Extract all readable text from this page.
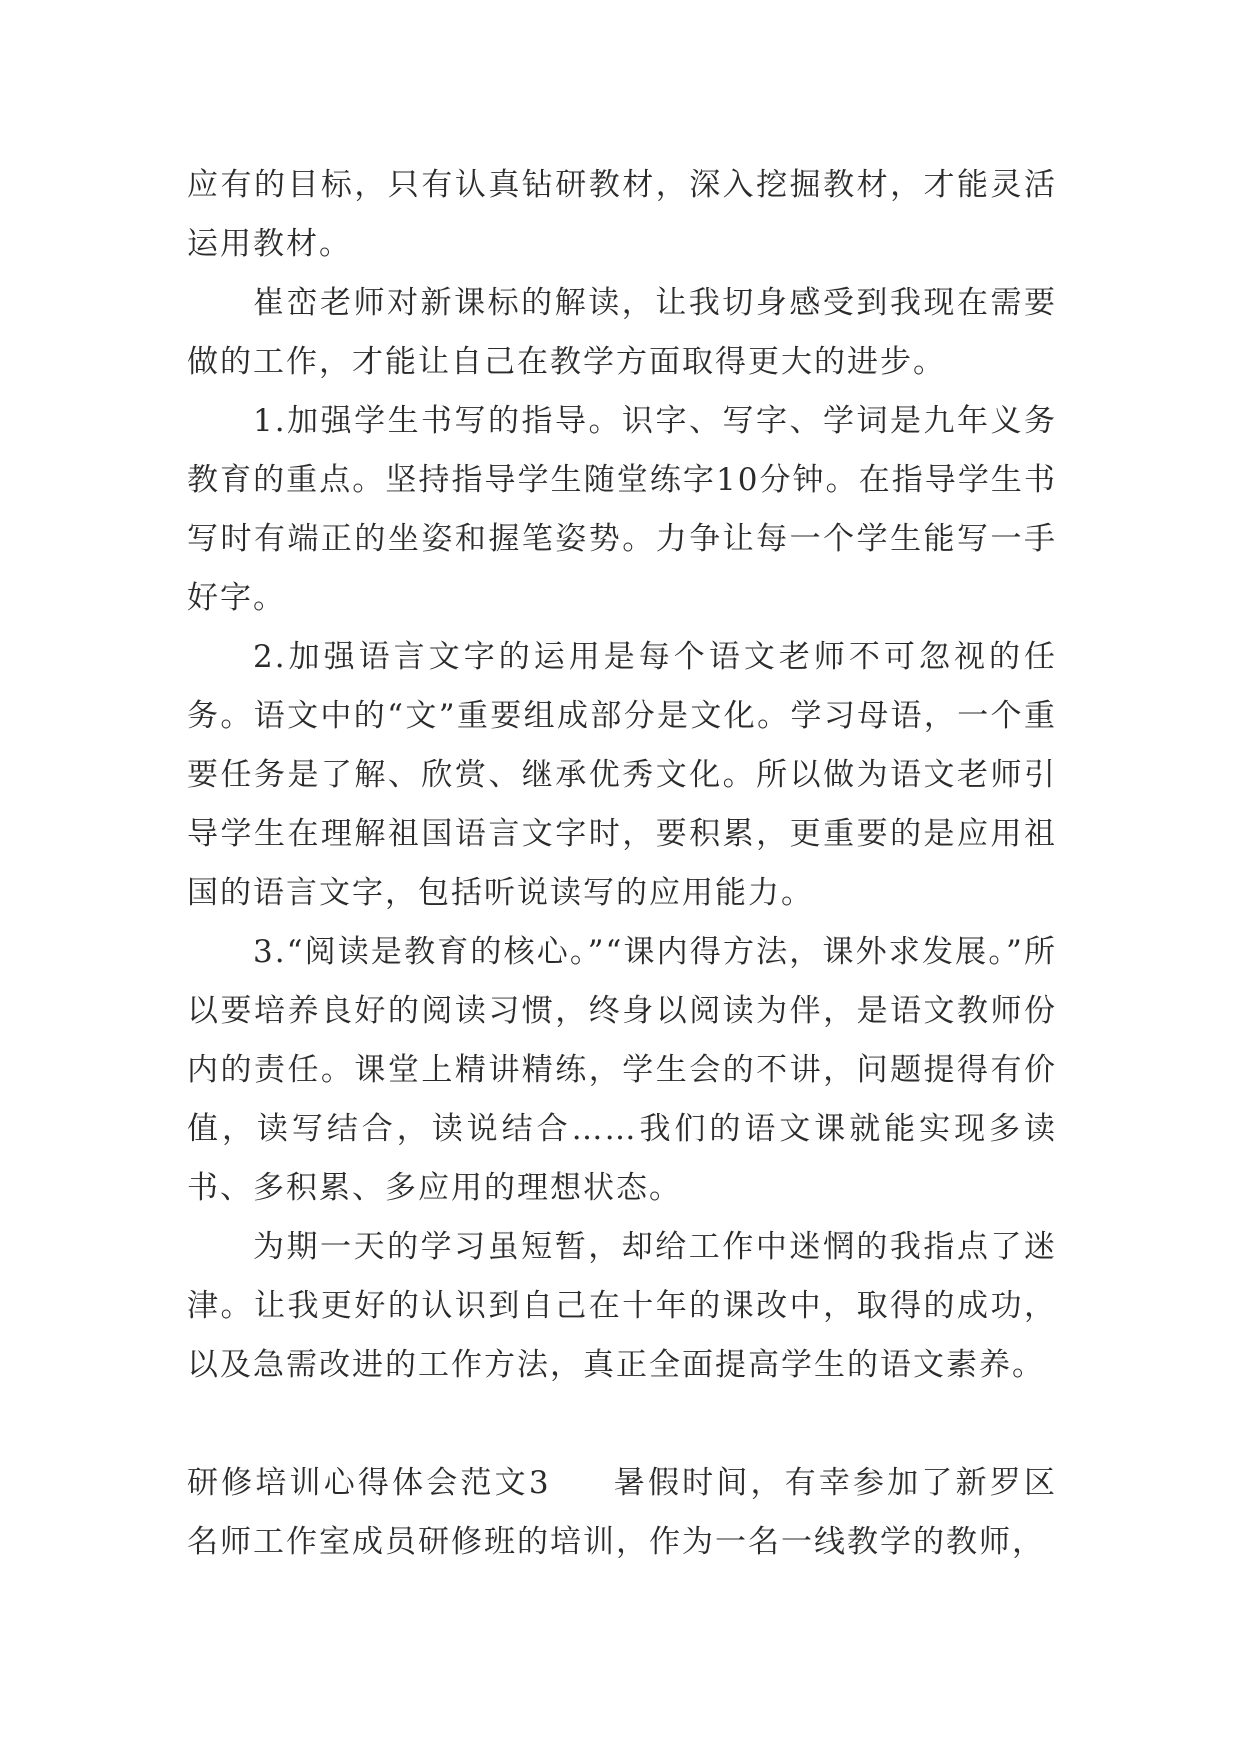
应有的目标，只有认真钻研教材，深入挖掘教材，才能灵活运用教材。

崔峦老师对新课标的解读，让我切身感受到我现在需要做的工作，才能让自己在教学方面取得更大的进步。

1.加强学生书写的指导。识字、写字、学词是九年义务教育的重点。坚持指导学生随堂练字10分钟。在指导学生书写时有端正的坐姿和握笔姿势。力争让每一个学生能写一手好字。

2.加强语言文字的运用是每个语文老师不可忽视的任务。语文中的“文”重要组成部分是文化。学习母语，一个重要任务是了解、欣赏、继承优秀文化。所以做为语文老师引导学生在理解祖国语言文字时，要积累，更重要的是应用祖国的语言文字，包括听说读写的应用能力。

3.“阅读是教育的核心。”“课内得方法，课外求发展。”所以要培养良好的阅读习惯，终身以阅读为伴，是语文教师份内的责任。课堂上精讲精练，学生会的不讲，问题提得有价值，读写结合，读说结合……我们的语文课就能实现多读书、多积累、多应用的理想状态。

为期一天的学习虽短暂，却给工作中迷惘的我指点了迷津。让我更好的认识到自己在十年的课改中，取得的成功，以及急需改进的工作方法，真正全面提高学生的语文素养。

研修培训心得体会范文3 暑假时间，有幸参加了新罗区名师工作室成员研修班的培训，作为一名一线教学的教师，
